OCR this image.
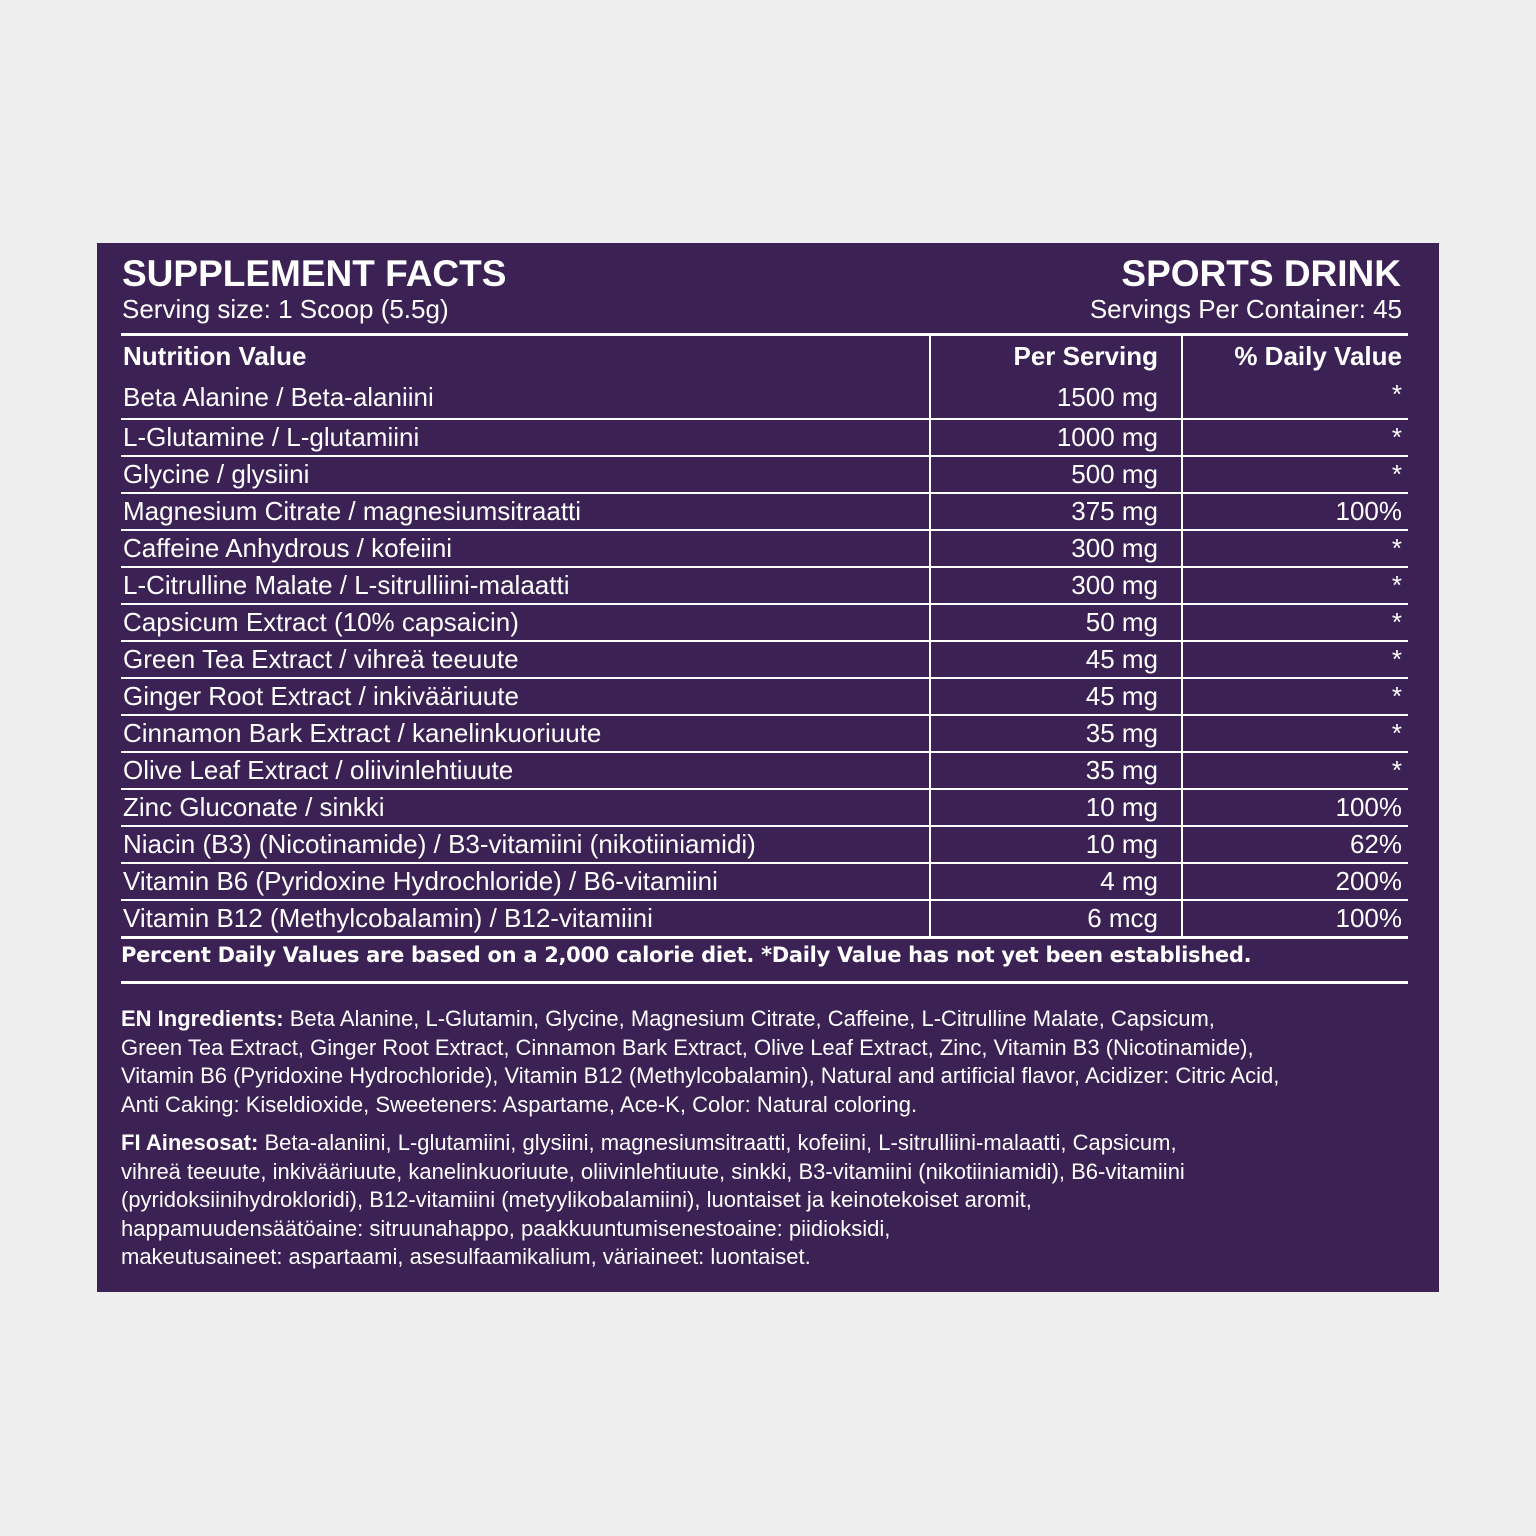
SUPPLEMENT FACTS	SPORTS DRINK
Serving size: 1 Scoop (5.5g)	Servings Per Container: 45
Nutrition Value	Per Serving	% Daily Value
Beta Alanine / Beta-alaniini	1500 mg	*
L-Glutamine / L-glutamiini	1000 mg	*
Glycine / glysiini	500 mg	*
Magnesium Citrate / magnesiumsitraatti	375 mg	100%
Caffeine Anhydrous / kofeiini	300 mg	*
L-Citrulline Malate / L-sitrulliini-malaatti	300 mg	*
Capsicum Extract (10% capsaicin)	50 mg	*
Green Tea Extract / vihreä teeuute	45 mg	*
Ginger Root Extract / inkivääriuute	45 mg	*
Cinnamon Bark Extract / kanelinkuoriuute	35 mg	*
Olive Leaf Extract / oliivinlehtiuute	35 mg	*
Zinc Gluconate / sinkki	10 mg	100%
Niacin (B3) (Nicotinamide) / B3-vitamiini (nikotiiniamidi)	10 mg	62%
Vitamin B6 (Pyridoxine Hydrochloride) / B6-vitamiini	4 mg	200%
Vitamin B12 (Methylcobalamin) / B12-vitamiini	6 mcg	100%
Percent Daily Values are based on a 2,000 calorie diet. *Daily Value has not yet been established.
EN Ingredients: Beta Alanine, L-Glutamin, Glycine, Magnesium Citrate, Caffeine, L-Citrulline Malate, Capsicum,
Green Tea Extract, Ginger Root Extract, Cinnamon Bark Extract, Olive Leaf Extract, Zinc, Vitamin B3 (Nicotinamide),
Vitamin B6 (Pyridoxine Hydrochloride), Vitamin B12 (Methylcobalamin), Natural and artificial flavor, Acidizer: Citric Acid,
Anti Caking: Kiseldioxide, Sweeteners: Aspartame, Ace-K, Color: Natural coloring.
FI Ainesosat: Beta-alaniini, L-glutamiini, glysiini, magnesiumsitraatti, kofeiini, L-sitrulliini-malaatti, Capsicum,
vihreä teeuute, inkivääriuute, kanelinkuoriuute, oliivinlehtiuute, sinkki, B3-vitamiini (nikotiiniamidi), B6-vitamiini
(pyridoksiinihydrokloridi), B12-vitamiini (metyylikobalamiini), luontaiset ja keinotekoiset aromit,
happamuudensäätöaine: sitruunahappo, paakkuuntumisenestoaine: piidioksidi,
makeutusaineet: aspartaami, asesulfaamikalium, väriaineet: luontaiset.
